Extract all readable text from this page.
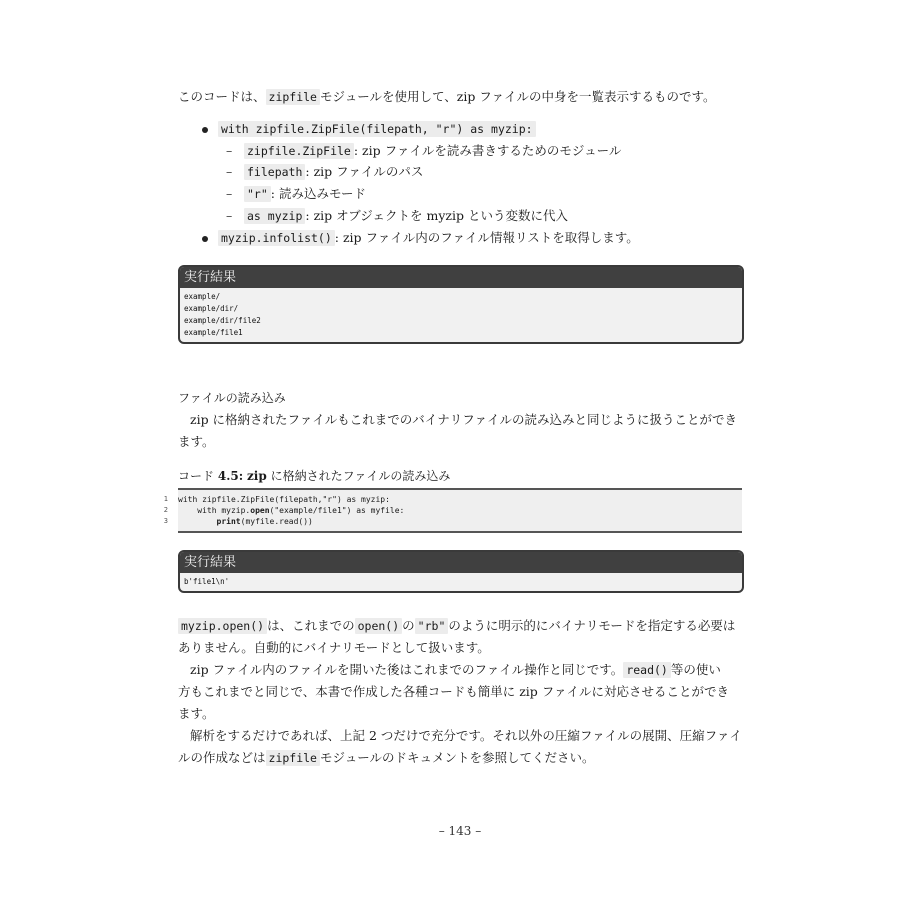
このコードは、 zipfile モジュールを使用して、zip ファイルの中身を一覧表示するものです。
with zipfile.ZipFile(filepath, "r") as myzip:
– zipfile.ZipFile : zip ファイルを読み書きするためのモジュール
– filepath : zip ファイルのパス
– "r" : 読み込みモード
– as myzip : zip オブジェクトを myzip という変数に代入
myzip.infolist() : zip ファイル内のファイル情報リストを取得します。
実行結果
example/
example/dir/
example/dir/file2
example/file1
ファイルの読み込み
zip に格納されたファイルもこれまでのバイナリファイルの読み込みと同じように扱うことができ
ます。
コード 4.5: zip に格納されたファイルの読み込み
1 with zipfile.ZipFile(filepath,"r") as myzip:
2 with myzip.open("example/file1") as myfile:
3	print(myfile.read())
実行結果
b'file1\n'
myzip.open() は、これまでの open() の "rb" のように明示的にバイナリモードを指定する必要は
ありません。自動的にバイナリモードとして扱います。
zip ファイル内のファイルを開いた後はこれまでのファイル操作と同じです。 read() 等の使い
方もこれまでと同じで、本書で作成した各種コードも簡単に zip ファイルに対応させることができ
ます。
解析をするだけであれば、上記 2 つだけで充分です。それ以外の圧縮ファイルの展開、圧縮ファイ
ルの作成などは zipfile モジュールのドキュメントを参照してください。
– 143 –
